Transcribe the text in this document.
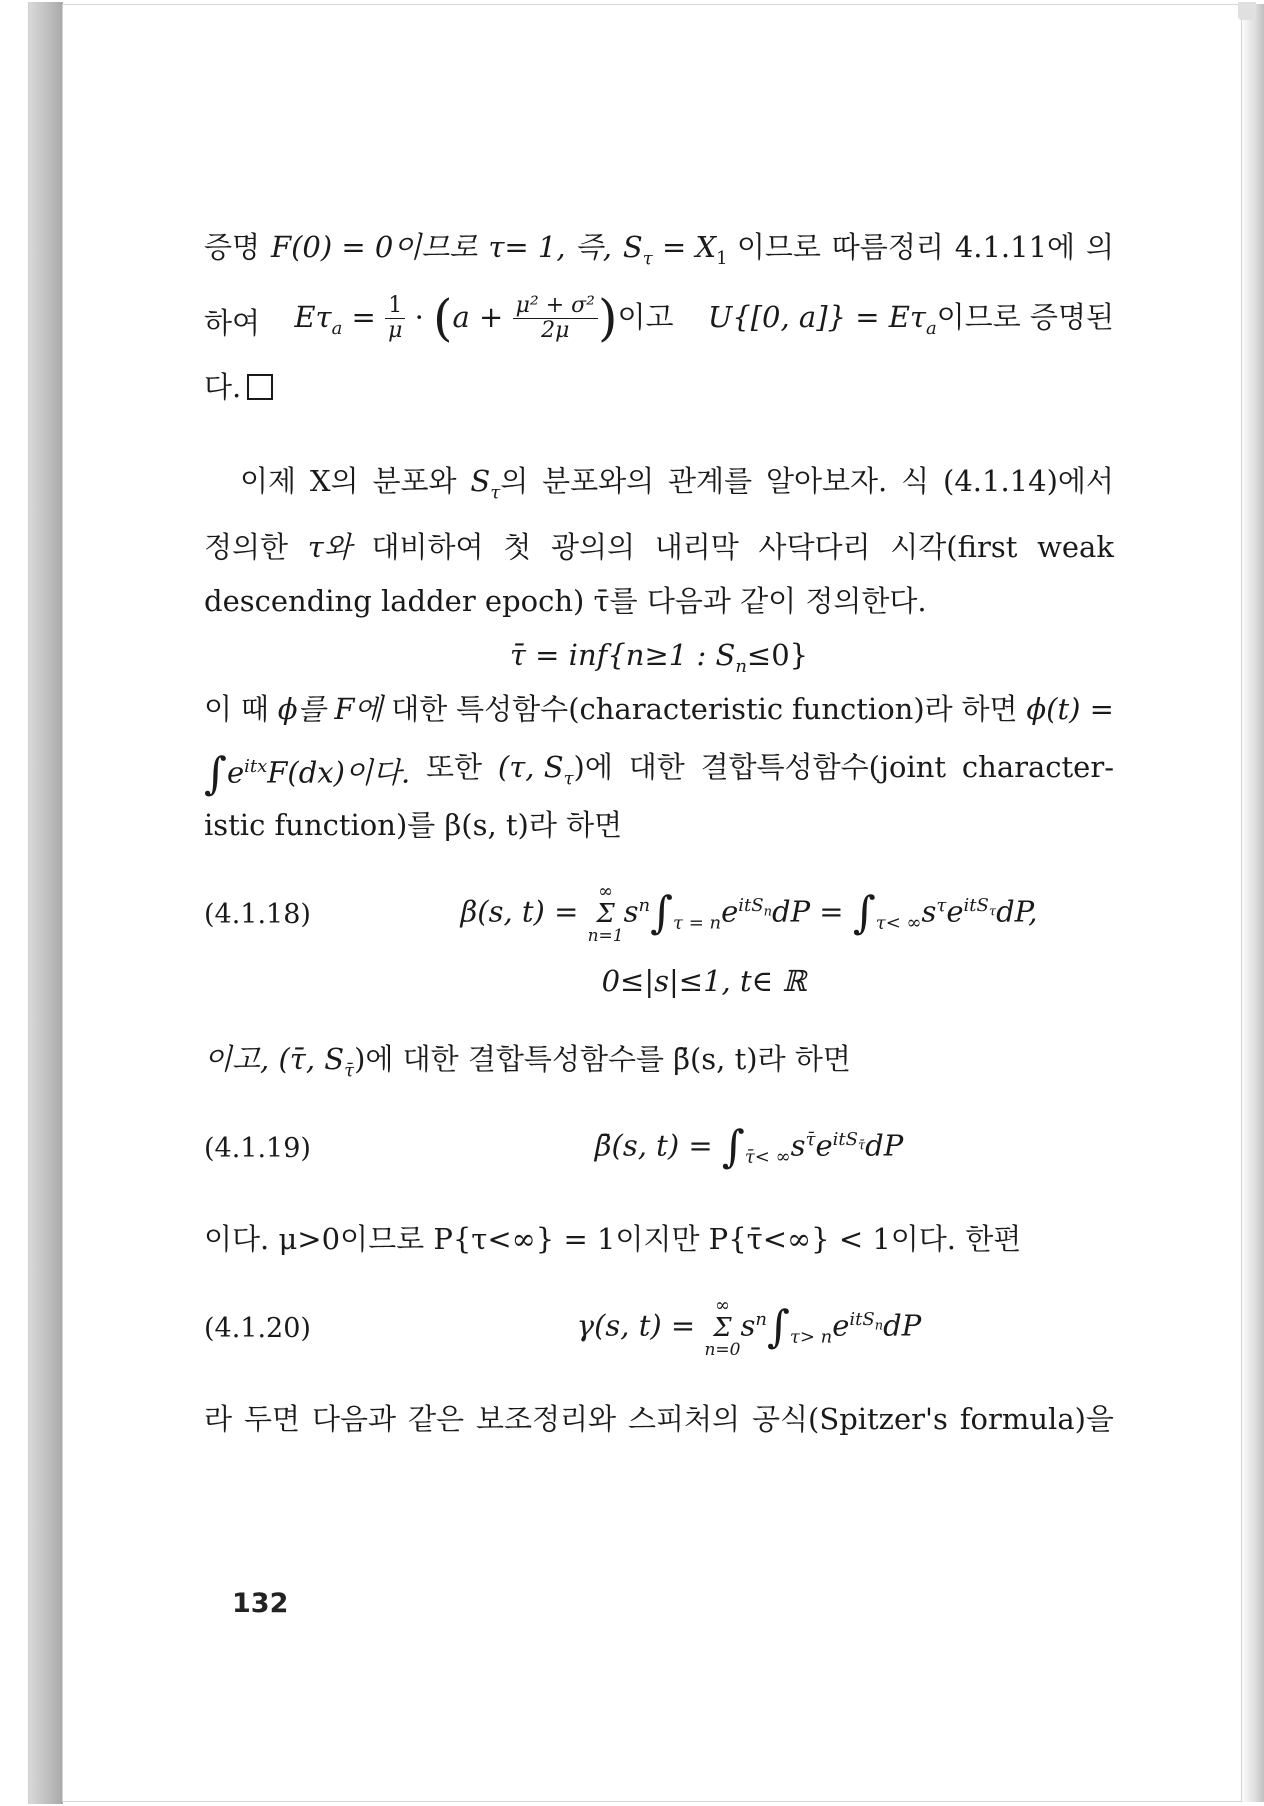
증명 F(0) = 0이므로 τ= 1, 즉, $S_\tau = X_1$ 이므로 따름정리 4.1.11에 의
하여 $E\tau_a = \frac{1}{\mu} \cdot (a + \frac{\text{μ² + σ²}}{2\mu}$ )이고 U{[0, $a]\} = E\tau_a$이므로 증명된
다.
이제 X의 분포와 $S_\tau$의 분포와의 관계를 알아보자. 식 (4.1.14)에서
정의한 τ와 대비하여 첫 광의의 내리막 사닥다리 시각(first weak
descending ladder epoch) τ̄를 다음과 같이 정의한다.
τ̄ = inf{n≥1 : $S_n\le 0$}
이 때 ϕ를 F에 대한 특성함수(characteristic function)라 하면 ϕ(t) =
$\int e^{itx}F(dx)$이다. 또한 (τ, $S_\tau$)에 대한 결합특성함수(joint character-
istic function)를 β(s, t)라 하면
(4.1.18)	β(s, t) =
∞
Σ
n=1
$s^n\int_{\tau = n}e^{itS_n}dP = \int_{\tau< \infty}s^\tau e^{itS_\tau}dP$,
0≤|s|≤1, t∈ ℝ
이고, (τ̄, $S_{\taū}$)에 대한 결합특성함수를 β̄(s, t)라 하면
(4.1.19)	β̄(s, $t) = \int_{\taū< \infty}s^{\taū}e^{itS_{\taū}}dP$
이다. μ>0이므로 P{τ<∞} = 1이지만 P{τ̄<∞} < 1이다. 한편
(4.1.20)	γ(s, t) =
∞
Σ
n=0
$s^n\int_{\tau> n}e^{itS_n}dP$
라 두면 다음과 같은 보조정리와 스피처의 공식(Spitzer's formula)을
132
